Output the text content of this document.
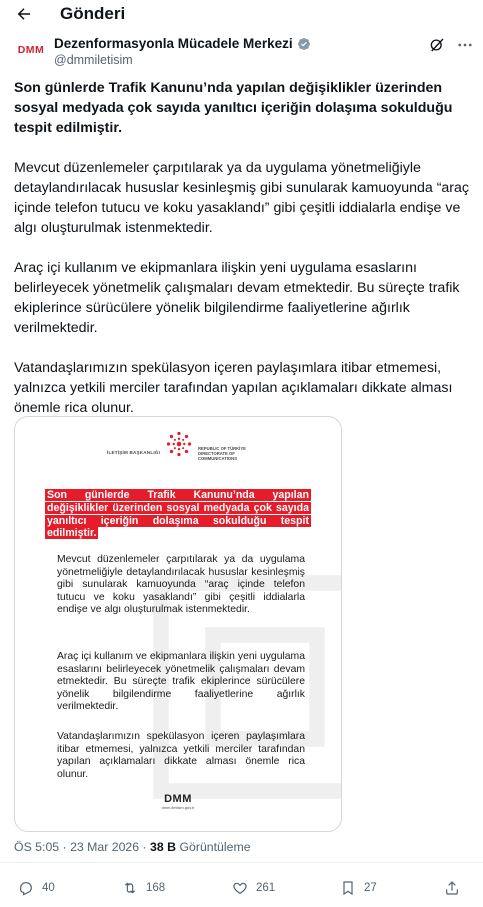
Gönderi
DMM Dezenformasyonla Mücadele Merkezi
@dmmiletisim

Son günlerde Trafik Kanunu’nda yapılan değişiklikler üzerinden sosyal medyada çok sayıda yanıltıcı içeriğin dolaşıma sokulduğu tespit edilmiştir.

Mevcut düzenlemeler çarpıtılarak ya da uygulama yönetmeliğiyle detaylandırılacak hususlar kesinleşmiş gibi sunularak kamuoyunda “araç içinde telefon tutucu ve koku yasaklandı” gibi çeşitli iddialarla endişe ve algı oluşturulmak istenmektedir.

Araç içi kullanım ve ekipmanlara ilişkin yeni uygulama esaslarını belirleyecek yönetmelik çalışmaları devam etmektedir. Bu süreçte trafik ekiplerince sürücülere yönelik bilgilendirme faaliyetlerine ağırlık verilmektedir.

Vatandaşlarımızın spekülasyon içeren paylaşımlara itibar etmemesi, yalnızca yetkili merciler tarafından yapılan açıklamaları dikkate alması önemle rica olunur.

İLETİŞİM BAŞKANLIĞI
REPUBLIC OF TÜRKİYE DIRECTORATE OF COMMUNICATIONS
Son günlerde Trafik Kanunu’nda yapılan değişiklikler üzerinden sosyal medyada çok sayıda yanıltıcı içeriğin dolaşıma sokulduğu tespit edilmiştir.
Mevcut düzenlemeler çarpıtılarak ya da uygulama yönetmeliğiyle detaylandırılacak hususlar kesinleşmiş gibi sunularak kamuoyunda “araç içinde telefon tutucu ve koku yasaklandı” gibi çeşitli iddialarla endişe ve algı oluşturulmak istenmektedir.
Araç içi kullanım ve ekipmanlara ilişkin yeni uygulama esaslarını belirleyecek yönetmelik çalışmaları devam etmektedir. Bu süreçte trafik ekiplerince sürücülere yönelik bilgilendirme faaliyetlerine ağırlık verilmektedir.
Vatandaşlarımızın spekülasyon içeren paylaşımlara itibar etmemesi, yalnızca yetkili merciler tarafından yapılan açıklamaları dikkate alması önemle rica olunur.
DMM
dmm.iletisim.gov.tr
ÖS 5:05 · 23 Mar 2026 · 38 B Görüntüleme
40	168	261	27
